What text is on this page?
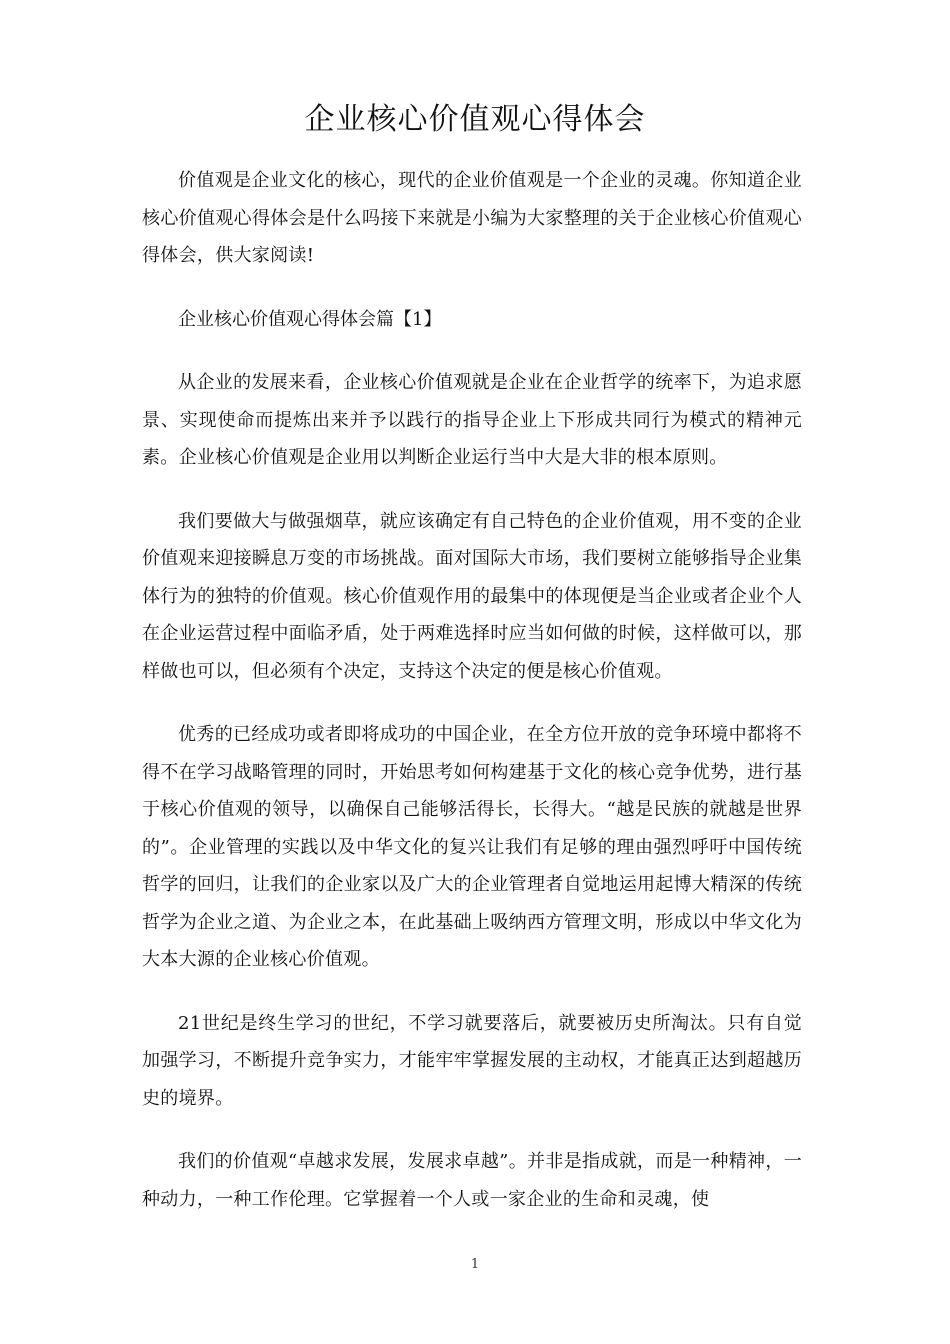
企业核心价值观心得体会

价值观是企业文化的核心，现代的企业价值观是一个企业的灵魂。你知道企业核心价值观心得体会是什么吗接下来就是小编为大家整理的关于企业核心价值观心得体会，供大家阅读!

企业核心价值观心得体会篇【1】

从企业的发展来看，企业核心价值观就是企业在企业哲学的统率下，为追求愿景、实现使命而提炼出来并予以践行的指导企业上下形成共同行为模式的精神元素。企业核心价值观是企业用以判断企业运行当中大是大非的根本原则。

我们要做大与做强烟草，就应该确定有自己特色的企业价值观，用不变的企业价值观来迎接瞬息万变的市场挑战。面对国际大市场，我们要树立能够指导企业集体行为的独特的价值观。核心价值观作用的最集中的体现便是当企业或者企业个人在企业运营过程中面临矛盾，处于两难选择时应当如何做的时候，这样做可以，那样做也可以，但必须有个决定，支持这个决定的便是核心价值观。

优秀的已经成功或者即将成功的中国企业，在全方位开放的竞争环境中都将不得不在学习战略管理的同时，开始思考如何构建基于文化的核心竞争优势，进行基于核心价值观的领导，以确保自己能够活得长，长得大。“越是民族的就越是世界的”。企业管理的实践以及中华文化的复兴让我们有足够的理由强烈呼吁中国传统哲学的回归，让我们的企业家以及广大的企业管理者自觉地运用起博大精深的传统哲学为企业之道、为企业之本，在此基础上吸纳西方管理文明，形成以中华文化为大本大源的企业核心价值观。

21世纪是终生学习的世纪，不学习就要落后，就要被历史所淘汰。只有自觉加强学习，不断提升竞争实力，才能牢牢掌握发展的主动权，才能真正达到超越历史的境界。

我们的价值观“卓越求发展，发展求卓越”。并非是指成就，而是一种精神，一种动力，一种工作伦理。它掌握着一个人或一家企业的生命和灵魂，使

1
